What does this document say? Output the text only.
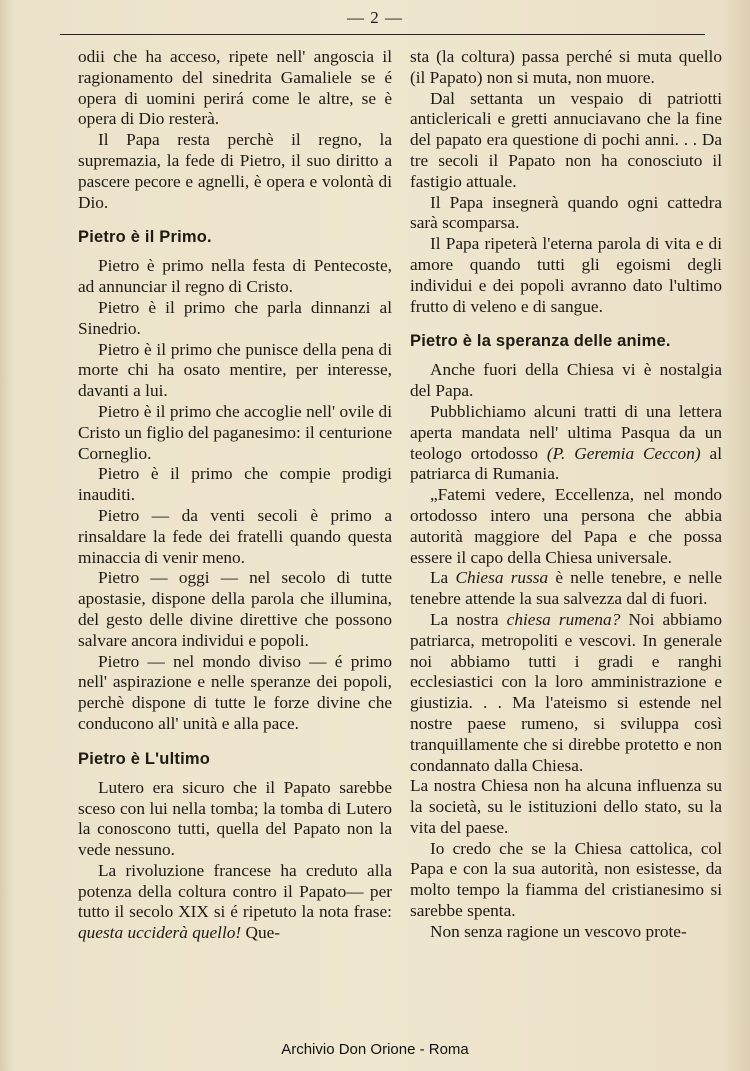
— 2 —

odii che ha acceso, ripete nell' angoscia il ragionamento del sinedrita Gamaliele se é opera di uomini perirá come le altre, se è opera di Dio resterà.

Il Papa resta perchè il regno, la supremazia, la fede di Pietro, il suo diritto a pascere pecore e agnelli, è opera e volontà di Dio.

Pietro è il Primo.

Pietro è primo nella festa di Pentecoste, ad annunciar il regno di Cristo.

Pietro è il primo che parla dinnanzi al Sinedrio.

Pietro è il primo che punisce della pena di morte chi ha osato mentire, per interesse, davanti a lui.

Pietro è il primo che accoglie nell' ovile di Cristo un figlio del paganesimo: il centurione Corneglio.

Pietro è il primo che compie prodigi inauditi.

Pietro — da venti secoli è primo a rinsaldare la fede dei fratelli quando questa minaccia di venir meno.

Pietro — oggi — nel secolo di tutte apostasie, dispone della parola che illumina, del gesto delle divine direttive che possono salvare ancora individui e popoli.

Pietro — nel mondo diviso — é primo nell' aspirazione e nelle speranze dei popoli, perchè dispone di tutte le forze divine che conducono all' unità e alla pace.

Pietro è L'ultimo

Lutero era sicuro che il Papato sarebbe sceso con lui nella tomba; la tomba di Lutero la conoscono tutti, quella del Papato non la vede nessuno.

La rivoluzione francese ha creduto alla potenza della coltura contro il Papato— per tutto il secolo XIX si é ripetuto la nota frase: questa ucciderà quello! Que-

sta (la coltura) passa perché si muta quello (il Papato) non si muta, non muore.

Dal settanta un vespaio di patriotti anticlericali e gretti annuciavano che la fine del papato era questione di pochi anni. . . Da tre secoli il Papato non ha conosciuto il fastigio attuale.

Il Papa insegnerà quando ogni cattedra sarà scomparsa.

Il Papa ripeterà l'eterna parola di vita e di amore quando tutti gli egoismi degli individui e dei popoli avranno dato l'ultimo frutto di veleno e di sangue.

Pietro è la speranza delle anime.

Anche fuori della Chiesa vi è nostalgia del Papa.

Pubblichiamo alcuni tratti di una lettera aperta mandata nell' ultima Pasqua da un teologo ortodosso (P. Geremia Ceccon) al patriarca di Rumania.

„Fatemi vedere, Eccellenza, nel mondo ortodosso intero una persona che abbia autorità maggiore del Papa e che possa essere il capo della Chiesa universale.

La Chiesa russa è nelle tenebre, e nelle tenebre attende la sua salvezza dal di fuori.

La nostra chiesa rumena? Noi abbiamo patriarca, metropoliti e vescovi. In generale noi abbiamo tutti i gradi e ranghi ecclesiastici con la loro amministrazione e giustizia. . . Ma l'ateismo si estende nel nostre paese rumeno, si sviluppa così tranquillamente che si direbbe protetto e non condannato dalla Chiesa.

La nostra Chiesa non ha alcuna influenza su la società, su le istituzioni dello stato, su la vita del paese.

Io credo che se la Chiesa cattolica, col Papa e con la sua autorità, non esistesse, da molto tempo la fiamma del cristianesimo si sarebbe spenta.

Non senza ragione un vescovo prote-

Archivio Don Orione - Roma
